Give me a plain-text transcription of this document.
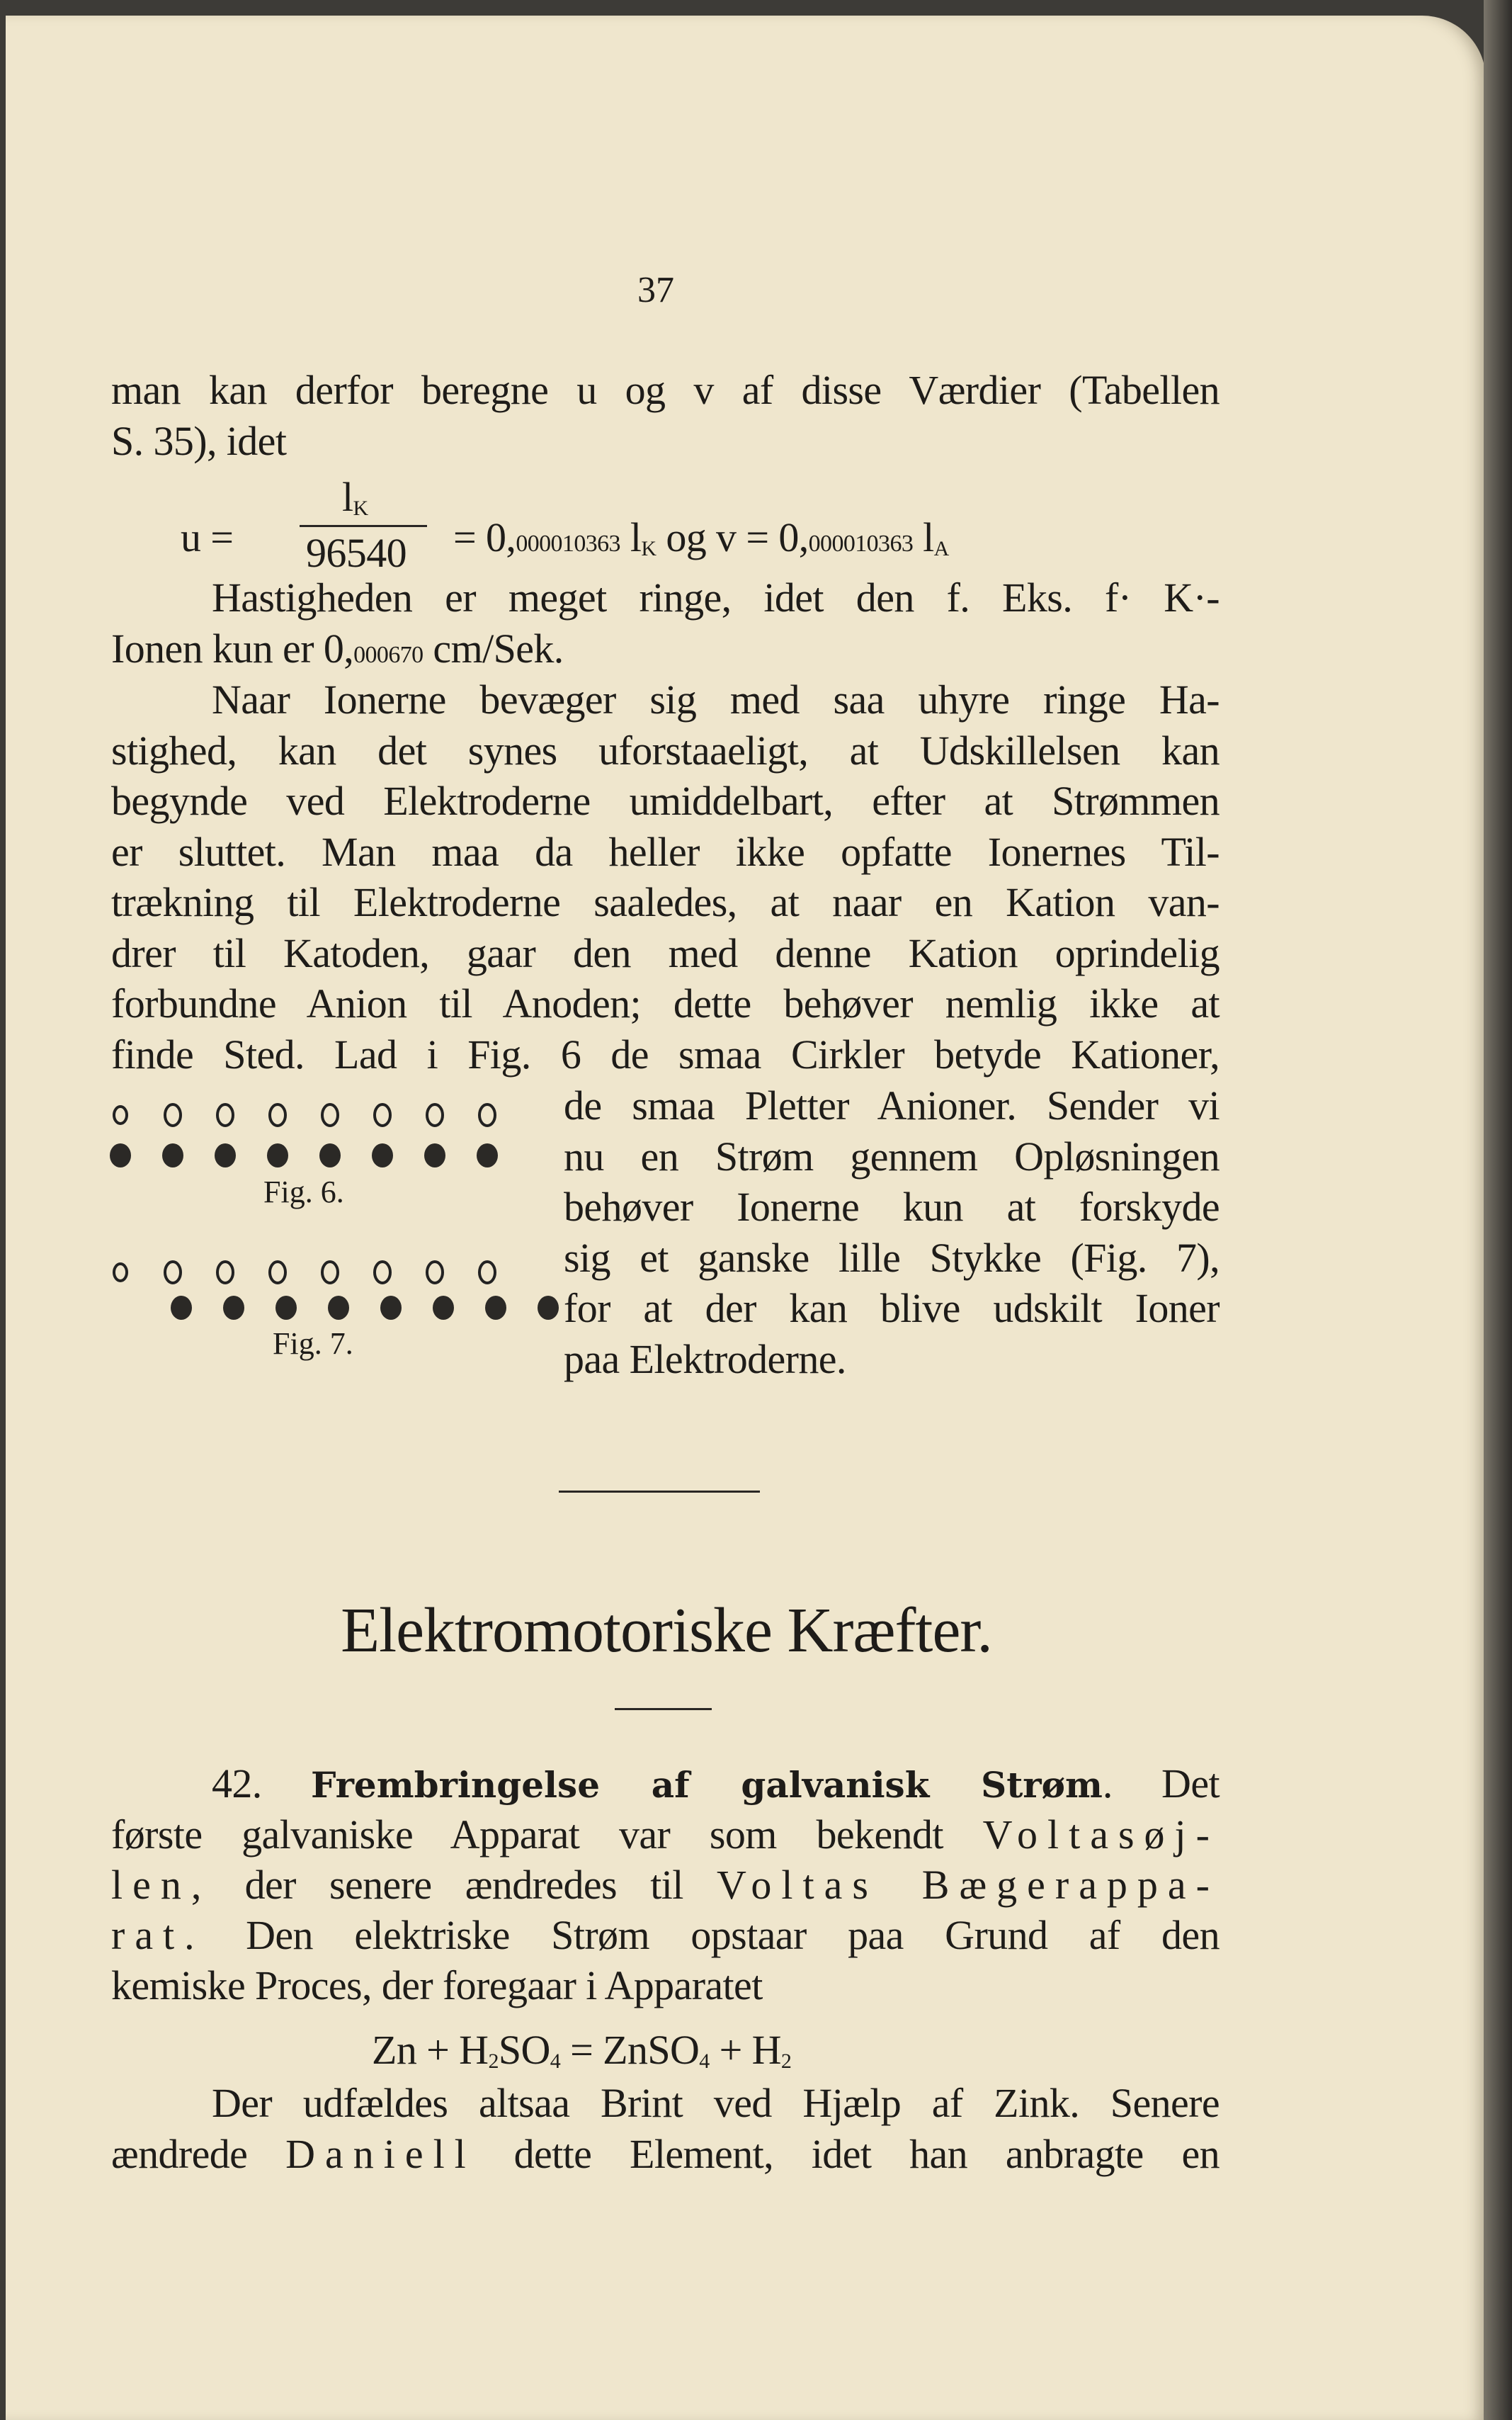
37
man kan derfor beregne u og v af disse Værdier (Tabellen
S. 35), idet
u =
$l_K$
96540 = 0,000010363 $l_K$ og v = 0,000010363 $l_A$
Hastigheden er meget ringe, idet den f. Eks. f· K·-
Ionen kun er 0,000670 cm/Sek.
Naar Ionerne bevæger sig med saa uhyre ringe Ha-
stighed, kan det synes uforstaaeligt, at Udskillelsen kan
begynde ved Elektroderne umiddelbart, efter at Strømmen
er sluttet. Man maa da heller ikke opfatte Ionernes Til-
trækning til Elektroderne saaledes, at naar en Kation van-
drer til Katoden, gaar den med denne Kation oprindelig
forbundne Anion til Anoden; dette behøver nemlig ikke at
finde Sted. Lad i Fig. 6 de smaa Cirkler betyde Kationer,
de smaa Pletter Anioner. Sender vi
nu en Strøm gennem Opløsningen
behøver Ionerne kun at forskyde
sig et ganske lille Stykke (Fig. 7),
for at der kan blive udskilt Ioner
paa Elektroderne.
Fig. 6.
Fig. 7.
Elektromotoriske Kræfter.
42. Frembringelse af galvanisk Strøm. Det
første galvaniske Apparat var som bekendt Voltasøj-
len, der senere ændredes til Voltas Bægerappa-
rat. Den elektriske Strøm opstaar paa Grund af den
kemiske Proces, der foregaar i Apparatet
$Zn + H_2SO_4$ = ZnSO$_4$ + $H_2$
Der udfældes altsaa Brint ved Hjælp af Zink. Senere
ændrede Daniell dette Element, idet han anbragte en
